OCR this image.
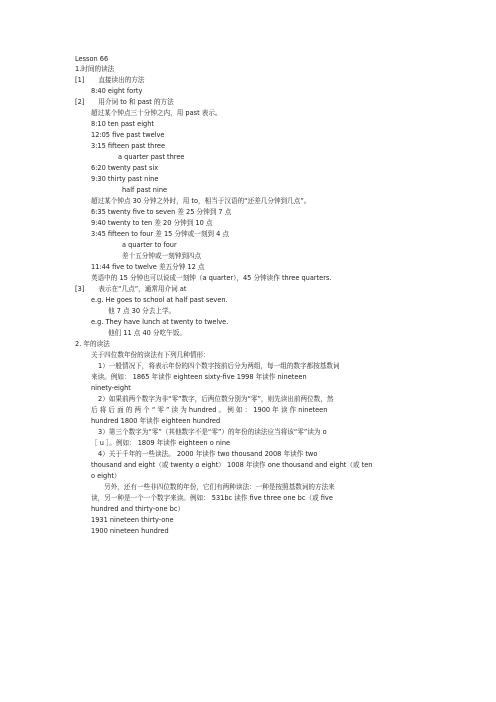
Lesson 66
1.时间的读法
[1] 直接读出的方法
8:40 eight forty
[2] 用介词 to 和 past 的方法
超过某个钟点三十分钟之内，用 past 表示。
8:10 ten past eight
12:05 five past twelve
3:15 fifteen past three
a quarter past three
6:20 twenty past six
9:30 thirty past nine
half past nine
超过某个钟点 30 分钟之外时，用 to，相当于汉语的“还差几分钟到几点”。
6:35 twenty five to seven 差 25 分钟到 7 点
9:40 twenty to ten 差 20 分钟到 10 点
3:45 fifteen to four 差 15 分钟或一刻到 4 点
a quarter to four
差十五分钟或一刻钟到四点
11:44 five to twelve 差五分钟 12 点
英语中的 15 分钟也可以说成一刻钟（a quarter），45 分钟读作 three quarters.
[3] 表示在“几点”，通常用介词 at
e.g. He goes to school at half past seven.
他 7 点 30 分去上学。
e.g. They have lunch at twenty to twelve.
他们 11 点 40 分吃午饭。
2. 年的读法
关于四位数年份的读法有下列几种情形：
1）一般情况下，将表示年份的四个数字按前后分为两组，每一组的数字都按基数词
来读。例如： 1865 年读作 eighteen sixty-five 1998 年读作 nineteen
ninety-eight
2）如果前两个数字为非“零”数字，后两位数分别为“零”，则先读出前两位数，然
后 将 后 面 的 两 个 “ 零 ” 读 为 hundred 。 例 如 ： 1900 年 读 作 nineteen
hundred 1800 年读作 eighteen hundred
3）第三个数字为“零”（其他数字不是“零”）的年份的读法应当将该“零”读为 o
［ u ］。例如： 1809 年读作 eighteen o nine
4）关于千年的一些读法。 2000 年读作 two thousand 2008 年读作 two
thousand and eight（或 twenty o eight） 1008 年读作 one thousand and eight（或 ten
o eight）
另外，还有一些非四位数的年份，它们有两种读法：一种是按照基数词的方法来
读，另一种是一个一个数字来读。例如： 531bc 读作 five three one bc（或 five
hundred and thirty-one bc）
1931 nineteen thirty-one
1900 nineteen hundred
